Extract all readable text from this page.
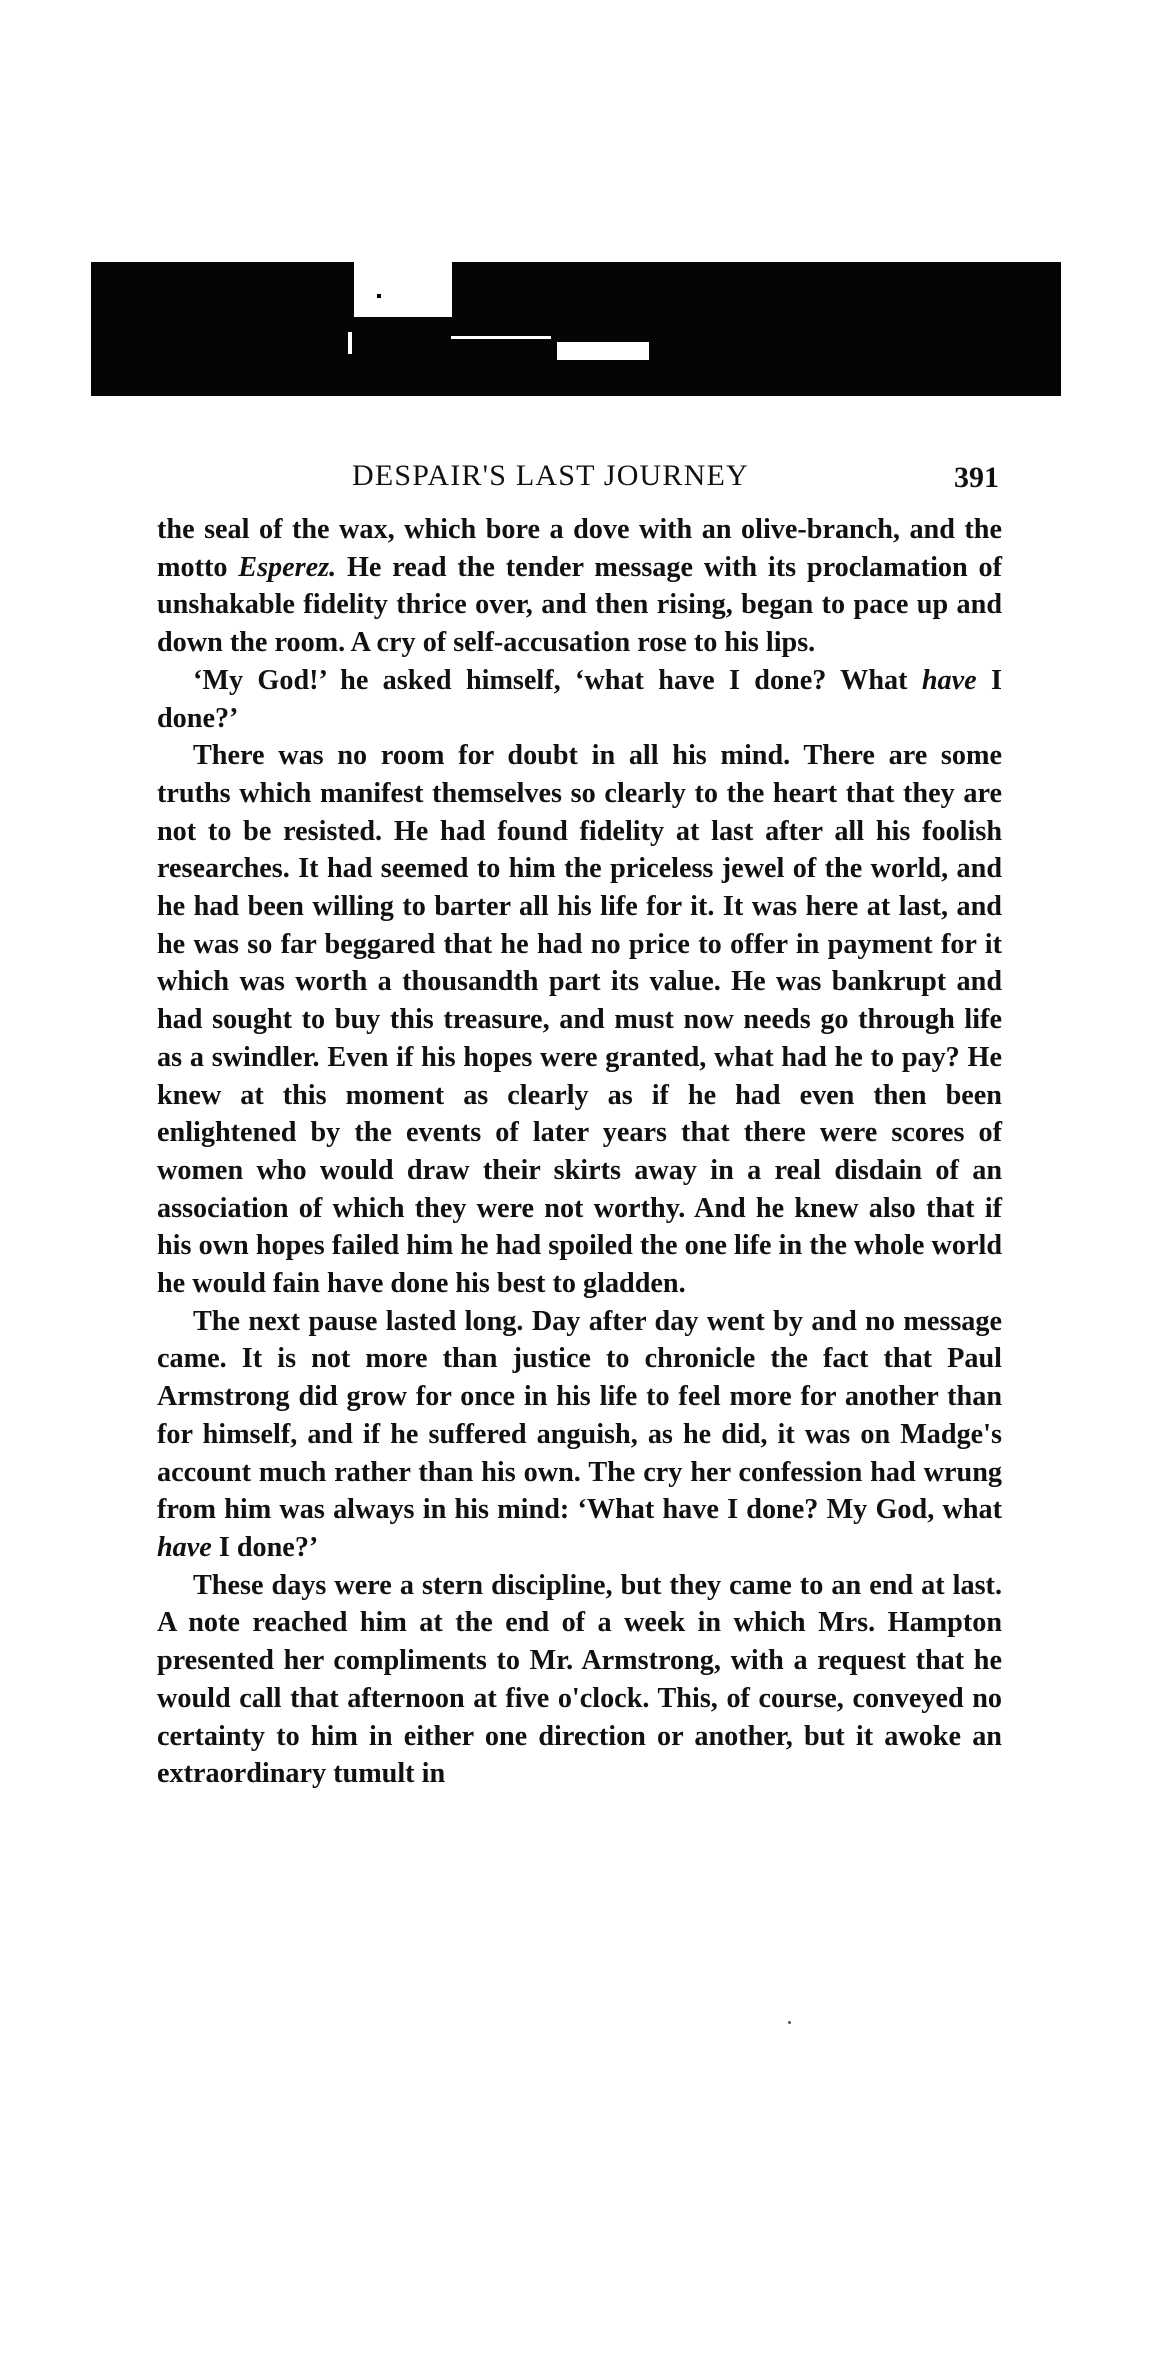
DESPAIR'S LAST JOURNEY	391

the seal of the wax, which bore a dove with an olive-branch, and the motto Esperez. He read the tender message with its proclamation of unshakable fidelity thrice over, and then rising, began to pace up and down the room. A cry of self-accusation rose to his lips.

‘My God!’ he asked himself, ‘what have I done? What have I done?’

There was no room for doubt in all his mind. There are some truths which manifest themselves so clearly to the heart that they are not to be resisted. He had found fidelity at last after all his foolish researches. It had seemed to him the priceless jewel of the world, and he had been willing to barter all his life for it. It was here at last, and he was so far beggared that he had no price to offer in payment for it which was worth a thousandth part its value. He was bankrupt and had sought to buy this treasure, and must now needs go through life as a swindler. Even if his hopes were granted, what had he to pay? He knew at this moment as clearly as if he had even then been enlightened by the events of later years that there were scores of women who would draw their skirts away in a real disdain of an association of which they were not worthy. And he knew also that if his own hopes failed him he had spoiled the one life in the whole world he would fain have done his best to gladden.

The next pause lasted long. Day after day went by and no message came. It is not more than justice to chronicle the fact that Paul Armstrong did grow for once in his life to feel more for another than for himself, and if he suffered anguish, as he did, it was on Madge's account much rather than his own. The cry her confession had wrung from him was always in his mind: ‘What have I done? My God, what have I done?’

These days were a stern discipline, but they came to an end at last. A note reached him at the end of a week in which Mrs. Hampton presented her compliments to Mr. Armstrong, with a request that he would call that afternoon at five o'clock. This, of course, conveyed no certainty to him in either one direction or another, but it awoke an extraordinary tumult in
